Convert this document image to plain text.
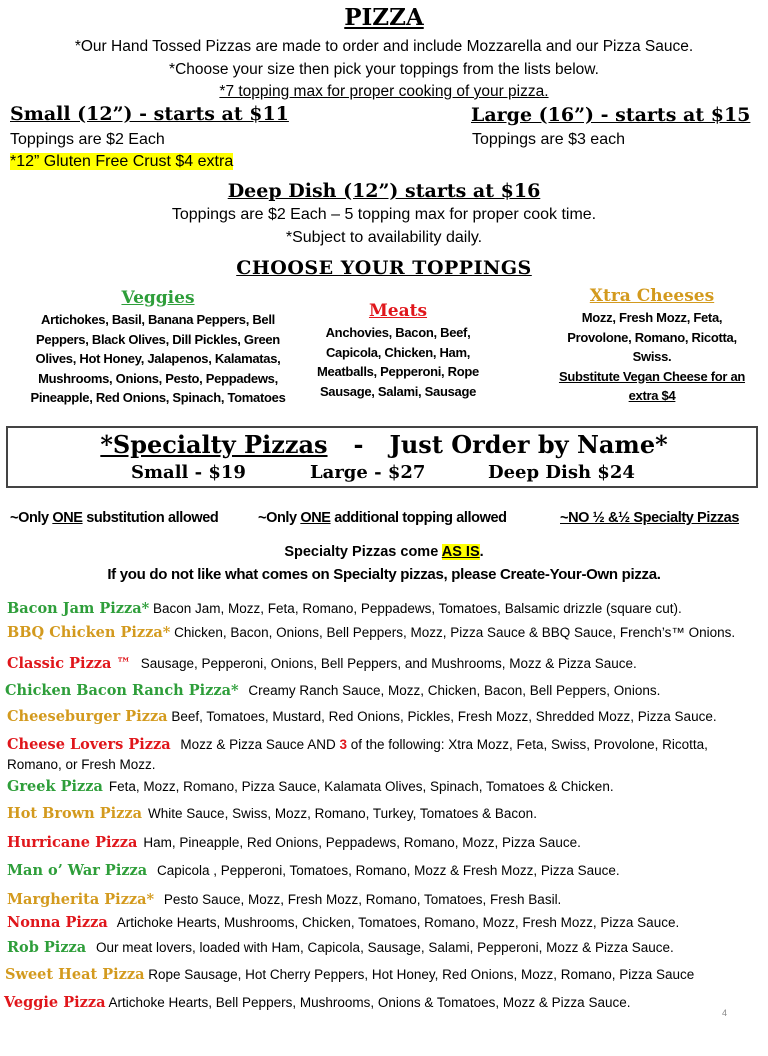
PIZZA
*Our Hand Tossed Pizzas are made to order and include Mozzarella and our Pizza Sauce.
*Choose your size then pick your toppings from the lists below.
*7 topping max for proper cooking of your pizza.
Small (12”) - starts at $11
Toppings are $2 Each
*12” Gluten Free Crust $4 extra
Large (16”) - starts at $15
Toppings are $3 each
Deep Dish (12”) starts at $16
Toppings are $2 Each – 5 topping max for proper cook time.
*Subject to availability daily.
CHOOSE YOUR TOPPINGS
Veggies
Artichokes, Basil, Banana Peppers, Bell
Peppers, Black Olives, Dill Pickles, Green
Olives, Hot Honey, Jalapenos, Kalamatas,
Mushrooms, Onions, Pesto, Peppadews,
Pineapple, Red Onions, Spinach, Tomatoes
Meats
Anchovies, Bacon, Beef,
Capicola, Chicken, Ham,
Meatballs, Pepperoni, Rope
Sausage, Salami, Sausage
Xtra Cheeses
Mozz, Fresh Mozz, Feta,
Provolone, Romano, Ricotta,
Swiss.
Substitute Vegan Cheese for an
extra $4
*Specialty Pizzas - Just Order by Name*
Small - $19	Large - $27	Deep Dish $24
~Only ONE substitution allowed	~Only ONE additional topping allowed	~NO ½ &½ Specialty Pizzas
Specialty Pizzas come AS IS.
If you do not like what comes on Specialty pizzas, please Create-Your-Own pizza.
Bacon Jam Pizza* Bacon Jam, Mozz, Feta, Romano, Peppadews, Tomatoes, Balsamic drizzle (square cut).
BBQ Chicken Pizza* Chicken, Bacon, Onions, Bell Peppers, Mozz, Pizza Sauce & BBQ Sauce, French’s™ Onions.
Classic Pizza ™ Sausage, Pepperoni, Onions, Bell Peppers, and Mushrooms, Mozz & Pizza Sauce.
Chicken Bacon Ranch Pizza* Creamy Ranch Sauce, Mozz, Chicken, Bacon, Bell Peppers, Onions.
Cheeseburger Pizza Beef, Tomatoes, Mustard, Red Onions, Pickles, Fresh Mozz, Shredded Mozz, Pizza Sauce.
Cheese Lovers Pizza Mozz & Pizza Sauce AND 3 of the following: Xtra Mozz, Feta, Swiss, Provolone, Ricotta, Romano, or Fresh Mozz.
Greek Pizza Feta, Mozz, Romano, Pizza Sauce, Kalamata Olives, Spinach, Tomatoes & Chicken.
Hot Brown Pizza White Sauce, Swiss, Mozz, Romano, Turkey, Tomatoes & Bacon.
Hurricane Pizza Ham, Pineapple, Red Onions, Peppadews, Romano, Mozz, Pizza Sauce.
Man o’ War Pizza Capicola , Pepperoni, Tomatoes, Romano, Mozz & Fresh Mozz, Pizza Sauce.
Margherita Pizza* Pesto Sauce, Mozz, Fresh Mozz, Romano, Tomatoes, Fresh Basil.
Nonna Pizza Artichoke Hearts, Mushrooms, Chicken, Tomatoes, Romano, Mozz, Fresh Mozz, Pizza Sauce.
Rob Pizza Our meat lovers, loaded with Ham, Capicola, Sausage, Salami, Pepperoni, Mozz & Pizza Sauce.
Sweet Heat Pizza Rope Sausage, Hot Cherry Peppers, Hot Honey, Red Onions, Mozz, Romano, Pizza Sauce
Veggie Pizza Artichoke Hearts, Bell Peppers, Mushrooms, Onions & Tomatoes, Mozz & Pizza Sauce.
4
